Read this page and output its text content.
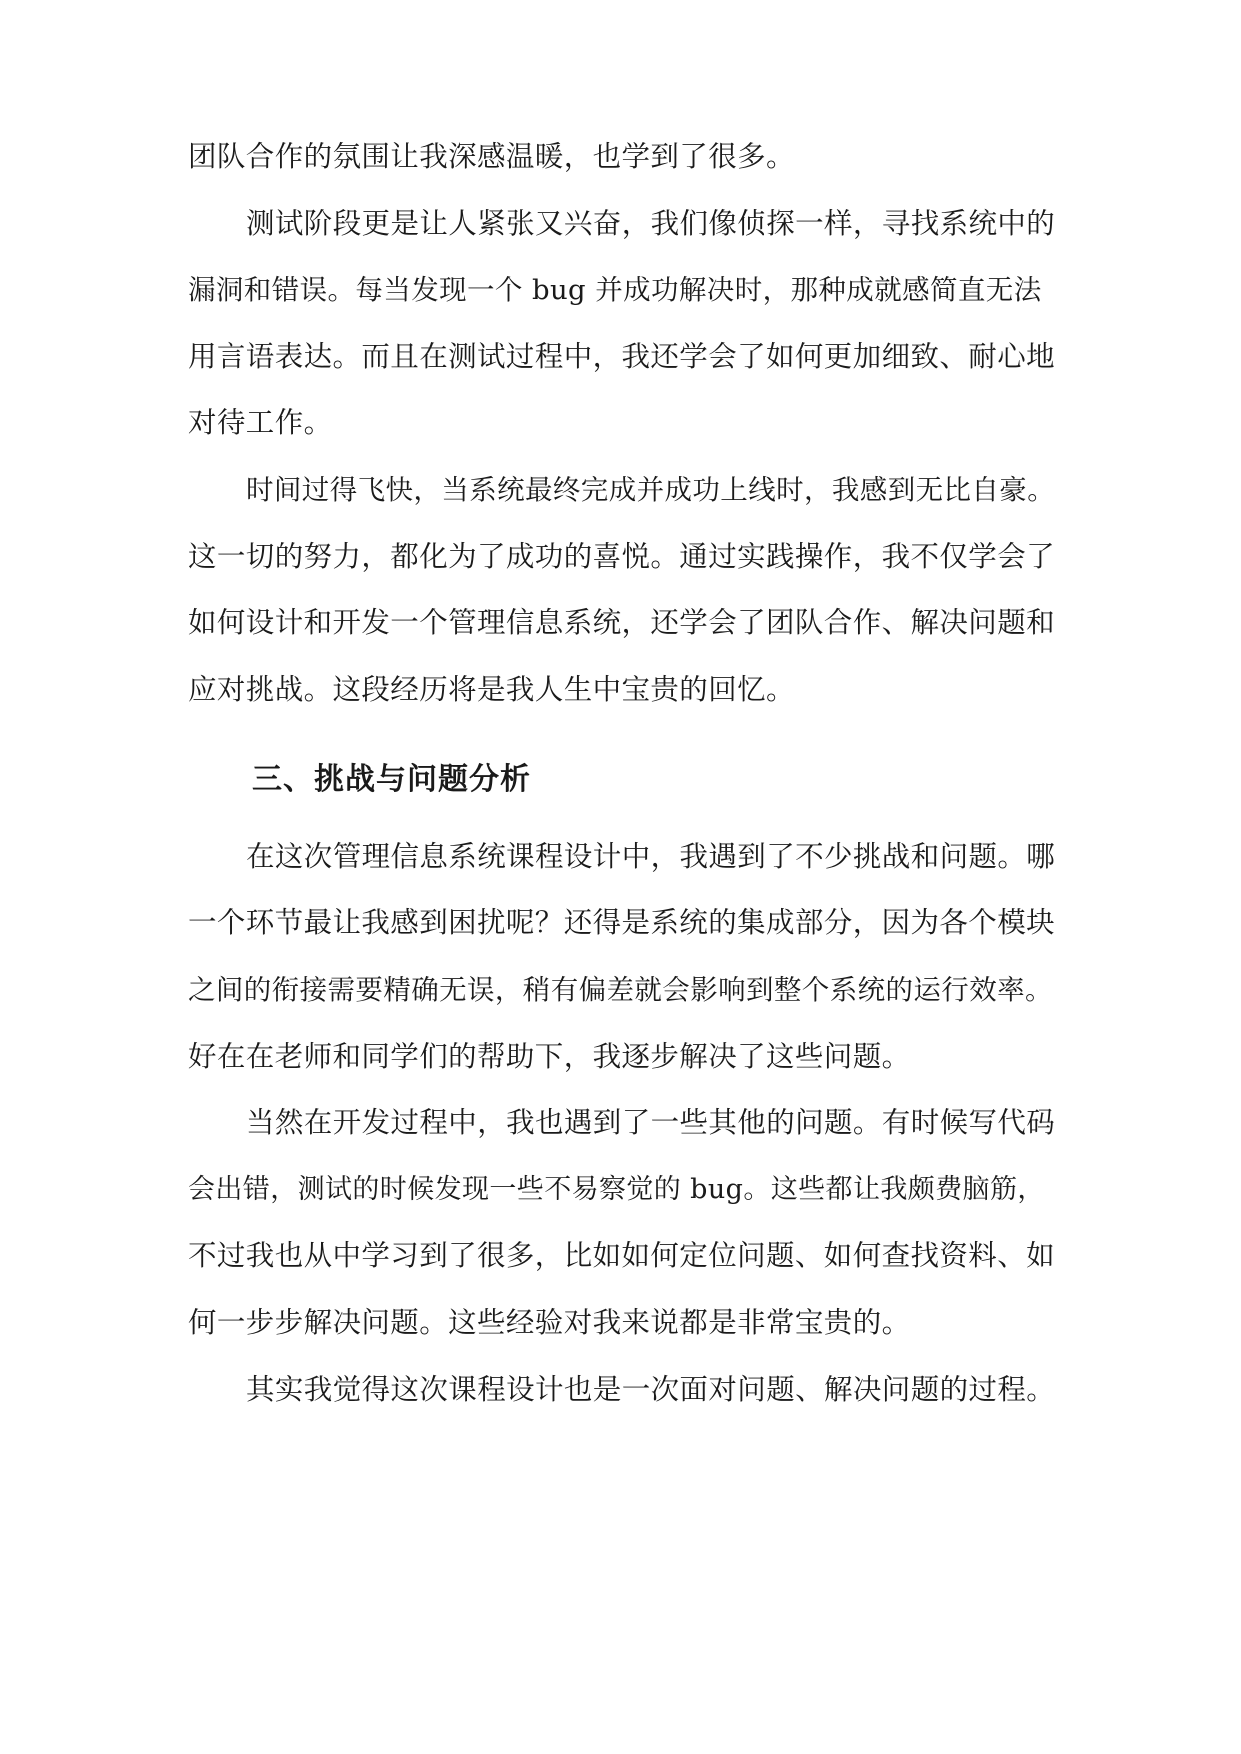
团队合作的氛围让我深感温暖，也学到了很多。
测试阶段更是让人紧张又兴奋，我们像侦探一样，寻找系统中的
漏洞和错误。每当发现一个 bug 并成功解决时，那种成就感简直无法
用言语表达。而且在测试过程中，我还学会了如何更加细致、耐心地
对待工作。
时间过得飞快，当系统最终完成并成功上线时，我感到无比自豪。
这一切的努力，都化为了成功的喜悦。通过实践操作，我不仅学会了
如何设计和开发一个管理信息系统，还学会了团队合作、解决问题和
应对挑战。这段经历将是我人生中宝贵的回忆。
三、挑战与问题分析
在这次管理信息系统课程设计中，我遇到了不少挑战和问题。哪
一个环节最让我感到困扰呢？还得是系统的集成部分，因为各个模块
之间的衔接需要精确无误，稍有偏差就会影响到整个系统的运行效率。
好在在老师和同学们的帮助下，我逐步解决了这些问题。
当然在开发过程中，我也遇到了一些其他的问题。有时候写代码
会出错，测试的时候发现一些不易察觉的 bug。这些都让我颇费脑筋，
不过我也从中学习到了很多，比如如何定位问题、如何查找资料、如
何一步步解决问题。这些经验对我来说都是非常宝贵的。
其实我觉得这次课程设计也是一次面对问题、解决问题的过程。
